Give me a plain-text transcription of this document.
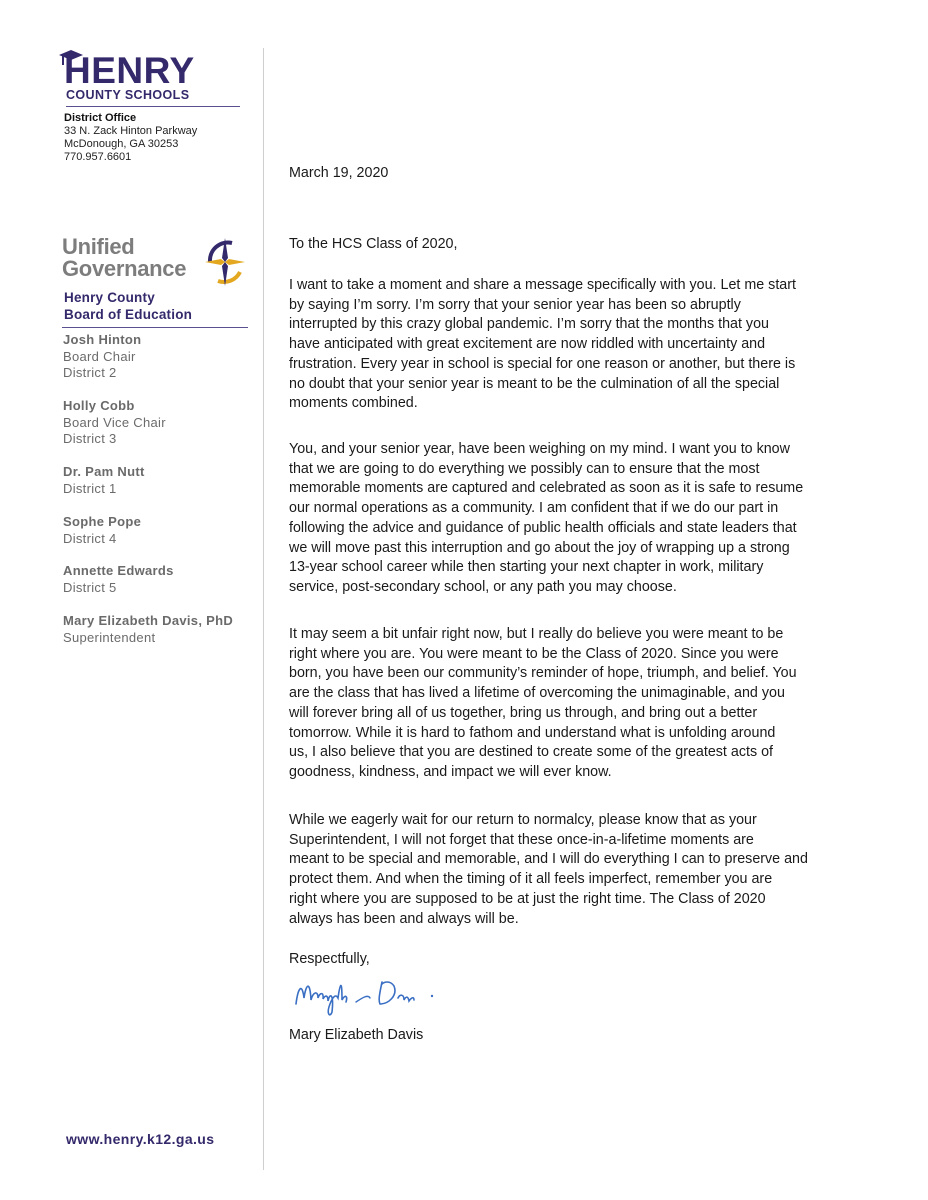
HENRY
COUNTY SCHOOLS
District Office
33 N. Zack Hinton Parkway
McDonough, GA 30253
770.957.6601
Unified
Governance
Henry County
Board of Education
Josh Hinton
Board Chair
District 2
Holly Cobb
Board Vice Chair
District 3
Dr. Pam Nutt
District 1
Sophe Pope
District 4
Annette Edwards
District 5
Mary Elizabeth Davis, PhD
Superintendent
www.henry.k12.ga.us
March 19, 2020
To the HCS Class of 2020,
I want to take a moment and share a message specifically with you. Let me start
by saying I’m sorry. I’m sorry that your senior year has been so abruptly
interrupted by this crazy global pandemic. I’m sorry that the months that you
have anticipated with great excitement are now riddled with uncertainty and
frustration. Every year in school is special for one reason or another, but there is
no doubt that your senior year is meant to be the culmination of all the special
moments combined.
You, and your senior year, have been weighing on my mind. I want you to know
that we are going to do everything we possibly can to ensure that the most
memorable moments are captured and celebrated as soon as it is safe to resume
our normal operations as a community. I am confident that if we do our part in
following the advice and guidance of public health officials and state leaders that
we will move past this interruption and go about the joy of wrapping up a strong
13-year school career while then starting your next chapter in work, military
service, post-secondary school, or any path you may choose.
It may seem a bit unfair right now, but I really do believe you were meant to be
right where you are. You were meant to be the Class of 2020. Since you were
born, you have been our community’s reminder of hope, triumph, and belief. You
are the class that has lived a lifetime of overcoming the unimaginable, and you
will forever bring all of us together, bring us through, and bring out a better
tomorrow. While it is hard to fathom and understand what is unfolding around
us, I also believe that you are destined to create some of the greatest acts of
goodness, kindness, and impact we will ever know.
While we eagerly wait for our return to normalcy, please know that as your
Superintendent, I will not forget that these once-in-a-lifetime moments are
meant to be special and memorable, and I will do everything I can to preserve and
protect them. And when the timing of it all feels imperfect, remember you are
right where you are supposed to be at just the right time. The Class of 2020
always has been and always will be.
Respectfully,
Mary Elizabeth Davis
